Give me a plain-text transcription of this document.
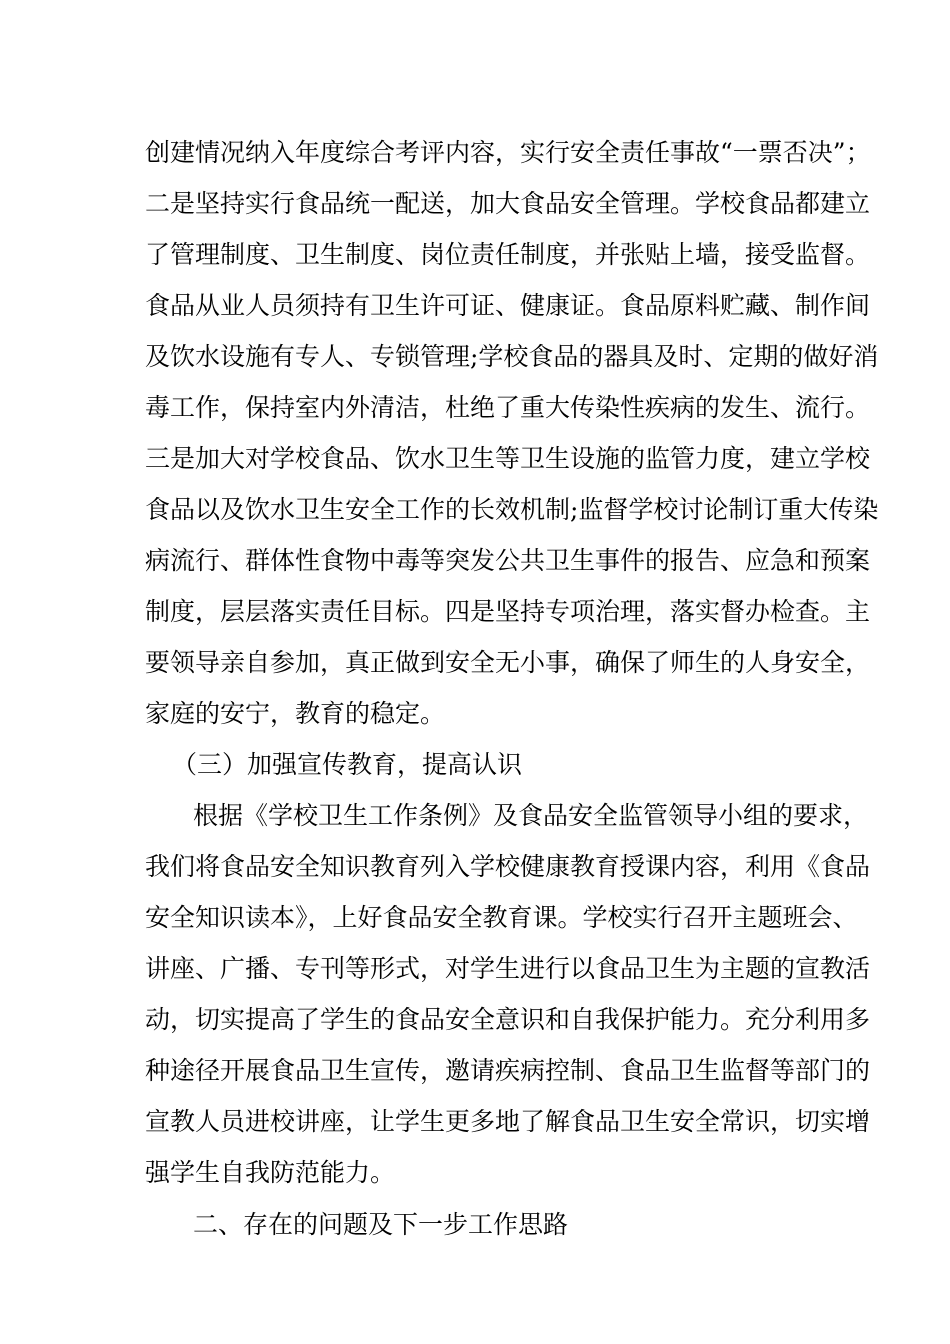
创建情况纳入年度综合考评内容，实行安全责任事故“一票否决”；
二是坚持实行食品统一配送，加大食品安全管理。学校食品都建立
了管理制度、卫生制度、岗位责任制度，并张贴上墙，接受监督。
食品从业人员须持有卫生许可证、健康证。食品原料贮藏、制作间
及饮水设施有专人、专锁管理;学校食品的器具及时、定期的做好消
毒工作，保持室内外清洁，杜绝了重大传染性疾病的发生、流行。
三是加大对学校食品、饮水卫生等卫生设施的监管力度，建立学校
食品以及饮水卫生安全工作的长效机制;监督学校讨论制订重大传染
病流行、群体性食物中毒等突发公共卫生事件的报告、应急和预案
制度，层层落实责任目标。四是坚持专项治理，落实督办检查。主
要领导亲自参加，真正做到安全无小事，确保了师生的人身安全，
家庭的安宁，教育的稳定。
（三）加强宣传教育，提高认识
根据《学校卫生工作条例》及食品安全监管领导小组的要求，
我们将食品安全知识教育列入学校健康教育授课内容，利用《食品
安全知识读本》，上好食品安全教育课。学校实行召开主题班会、
讲座、广播、专刊等形式，对学生进行以食品卫生为主题的宣教活
动，切实提高了学生的食品安全意识和自我保护能力。充分利用多
种途径开展食品卫生宣传，邀请疾病控制、食品卫生监督等部门的
宣教人员进校讲座，让学生更多地了解食品卫生安全常识，切实增
强学生自我防范能力。
二、存在的问题及下一步工作思路
